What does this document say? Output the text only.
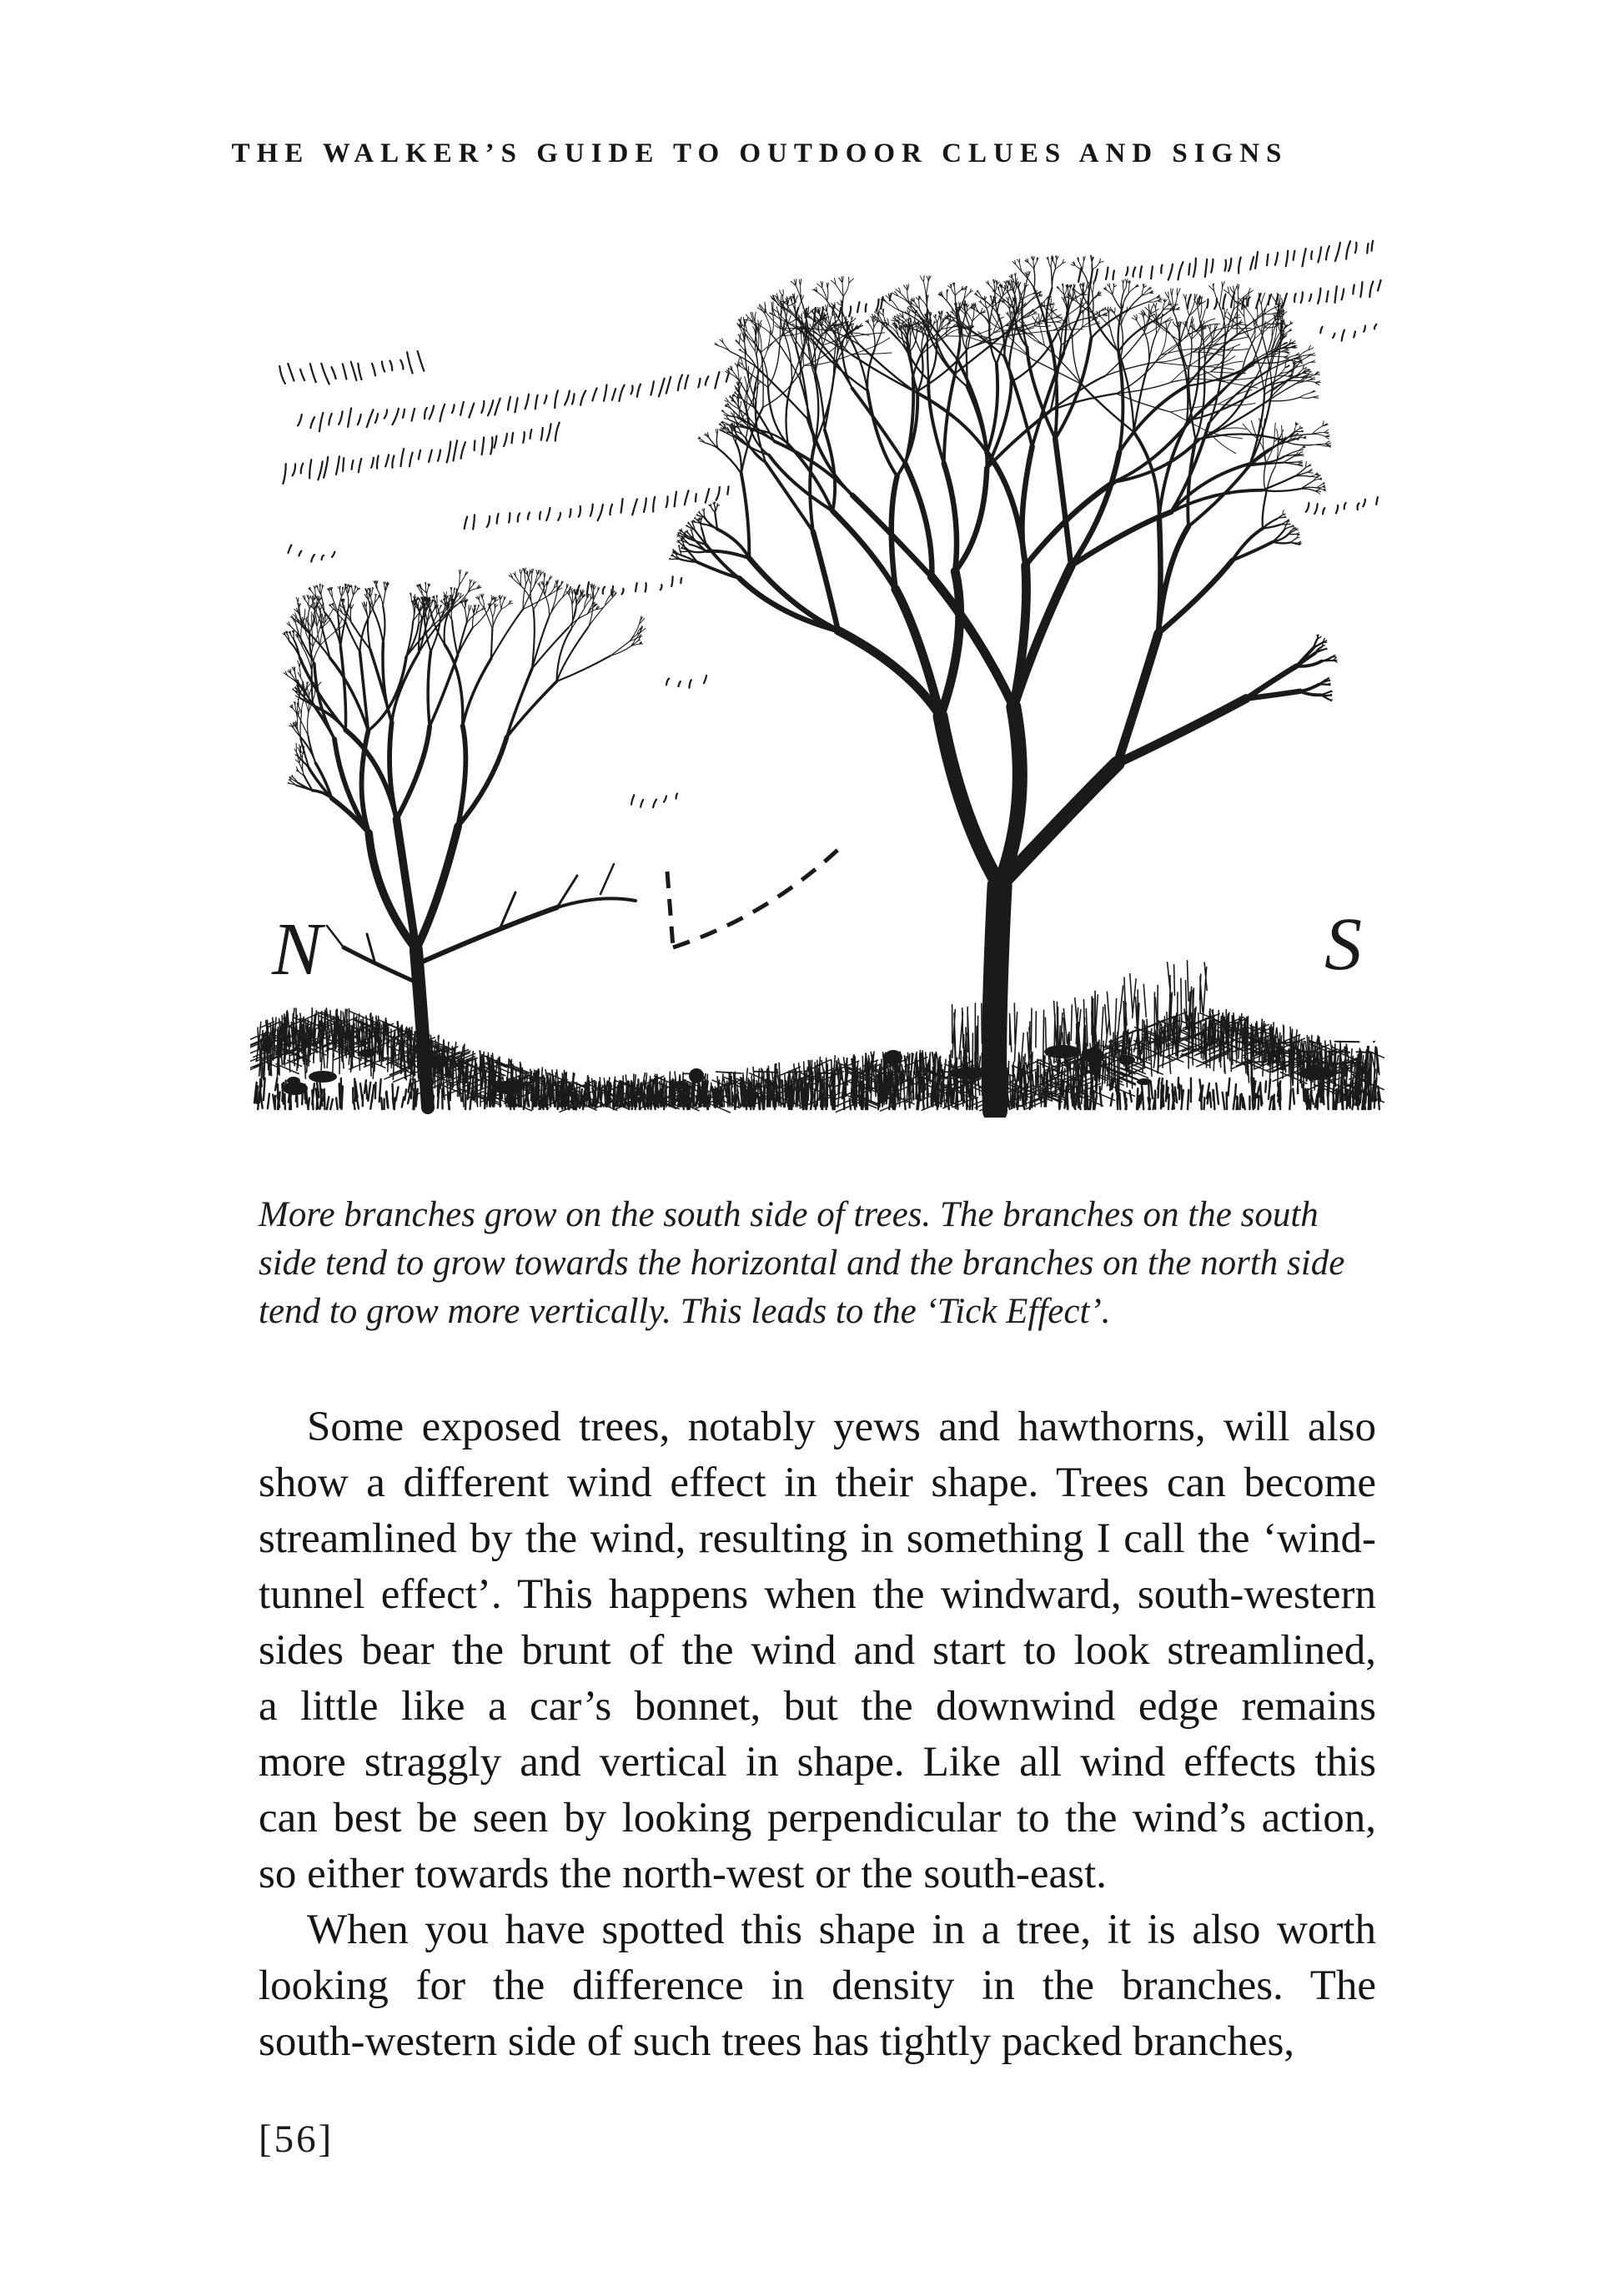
THE WALKER’S GUIDE TO OUTDOOR CLUES AND SIGNS
N	S
More branches grow on the south side of trees. The branches on the south
side tend to grow towards the horizontal and the branches on the north side
tend to grow more vertically. This leads to the ‘Tick Effect’.
Some exposed trees, notably yews and hawthorns, will also
show a different wind effect in their shape. Trees can become
streamlined by the wind, resulting in something I call the ‘wind-
tunnel effect’. This happens when the windward, south-western
sides bear the brunt of the wind and start to look streamlined,
a little like a car’s bonnet, but the downwind edge remains
more straggly and vertical in shape. Like all wind effects this
can best be seen by looking perpendicular to the wind’s action,
so either towards the north-west or the south-east.
When you have spotted this shape in a tree, it is also worth
looking for the difference in density in the branches. The
south-western side of such trees has tightly packed branches,
[56]
